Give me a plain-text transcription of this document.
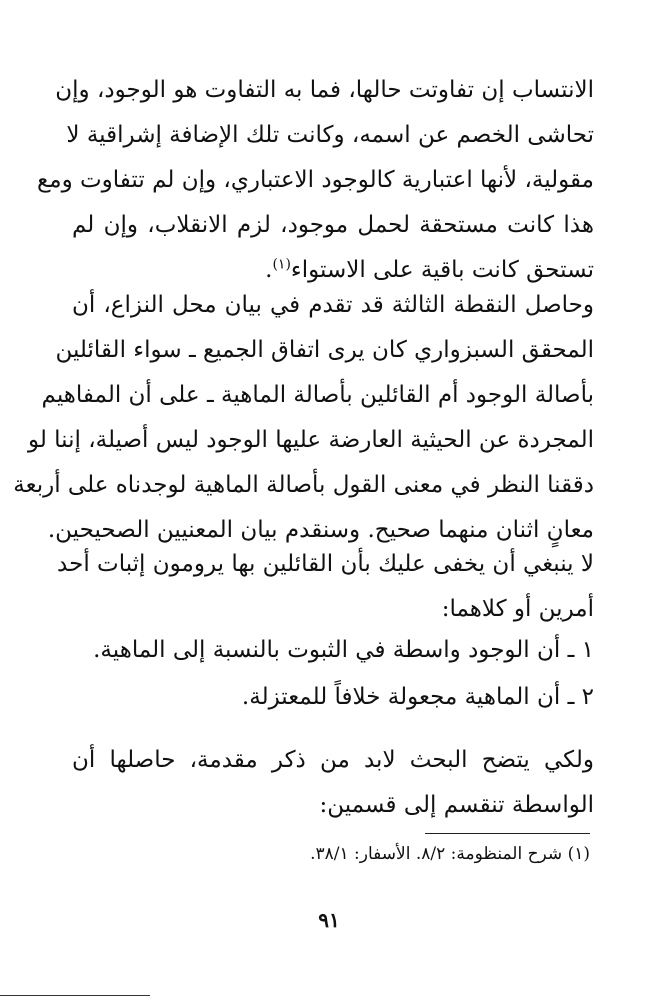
الانتساب إن تفاوتت حالها، فما به التفاوت هو الوجود، وإن
تحاشى الخصم عن اسمه، وكانت تلك الإضافة إشراقية لا
مقولية، لأنها اعتبارية كالوجود الاعتباري، وإن لم تتفاوت ومع
هذا كانت مستحقة لحمل موجود، لزم الانقلاب، وإن لم
تستحق كانت باقية على الاستواء$^{(١)}$.
وحاصل النقطة الثالثة قد تقدم في بيان محل النزاع، أن
المحقق السبزواري كان يرى اتفاق الجميع ـ سواء القائلين
بأصالة الوجود أم القائلين بأصالة الماهية ـ على أن المفاهيم
المجردة عن الحيثية العارضة عليها الوجود ليس أصيلة، إننا لو
دققنا النظر في معنى القول بأصالة الماهية لوجدناه على أربعة
معانٍ اثنان منهما صحيح. وسنقدم بيان المعنيين الصحيحين.
لا ينبغي أن يخفى عليك بأن القائلين بها يرومون إثبات أحد
أمرين أو كلاهما:
١ ـ أن الوجود واسطة في الثبوت بالنسبة إلى الماهية.
٢ ـ أن الماهية مجعولة خلافاً للمعتزلة.
ولكي يتضح البحث لابد من ذكر مقدمة، حاصلها أن
الواسطة تنقسم إلى قسمين:
(١) شرح المنظومة: ٨/٢. الأسفار: ٣٨/١.
٩١
